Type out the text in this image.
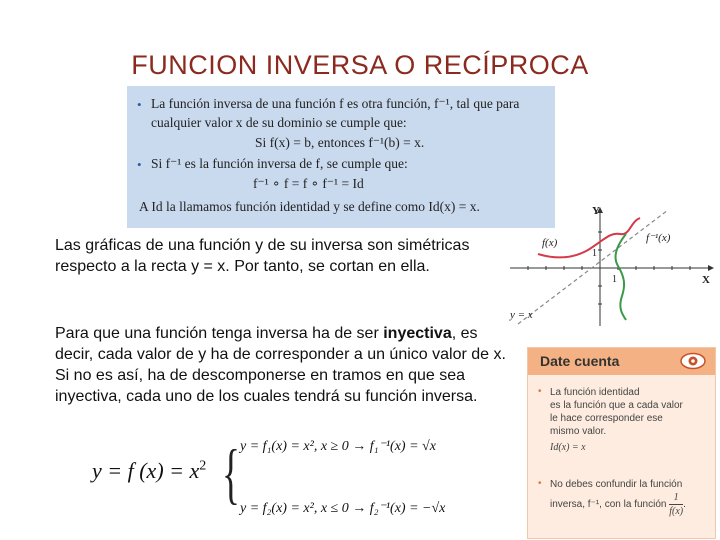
FUNCION INVERSA O RECÍPROCA
• La función inversa de una función f es otra función, f⁻¹, tal que para
cualquier valor x de su dominio se cumple que:
Si f(x) = b, entonces f⁻¹(b) = x.
• Si f⁻¹ es la función inversa de f, se cumple que:
f⁻¹ ∘ f = f ∘ f⁻¹ = Id
A Id la llamamos función identidad y se define como Id(x) = x.
Las gráficas de una función y de su inversa son simétricas respecto a la recta y = x. Por tanto, se cortan en ella.
Para que una función tenga inversa ha de ser inyectiva, es decir, cada valor de y ha de corresponder a un único valor de x. Si no es así, ha de descomponerse en tramos en que sea inyectiva, cada uno de los cuales tendrá su función inversa.
Y
X
f(x)	f⁻¹(x)
y = x
1
1
Date cuenta
• La función identidad
es la función que a cada valor
le hace corresponder ese
mismo valor.
Id(x) = x
• No debes confundir la función inversa, f⁻¹, con la función $\frac{1}{f(x)}$ .
y = f $(x) = x^2$ { y = f₁(x) = x², x ≥ 0 → f₁⁻¹(x) = √x
y = f₂(x) = x², x ≤ 0 → f₂⁻¹(x) = −√x
